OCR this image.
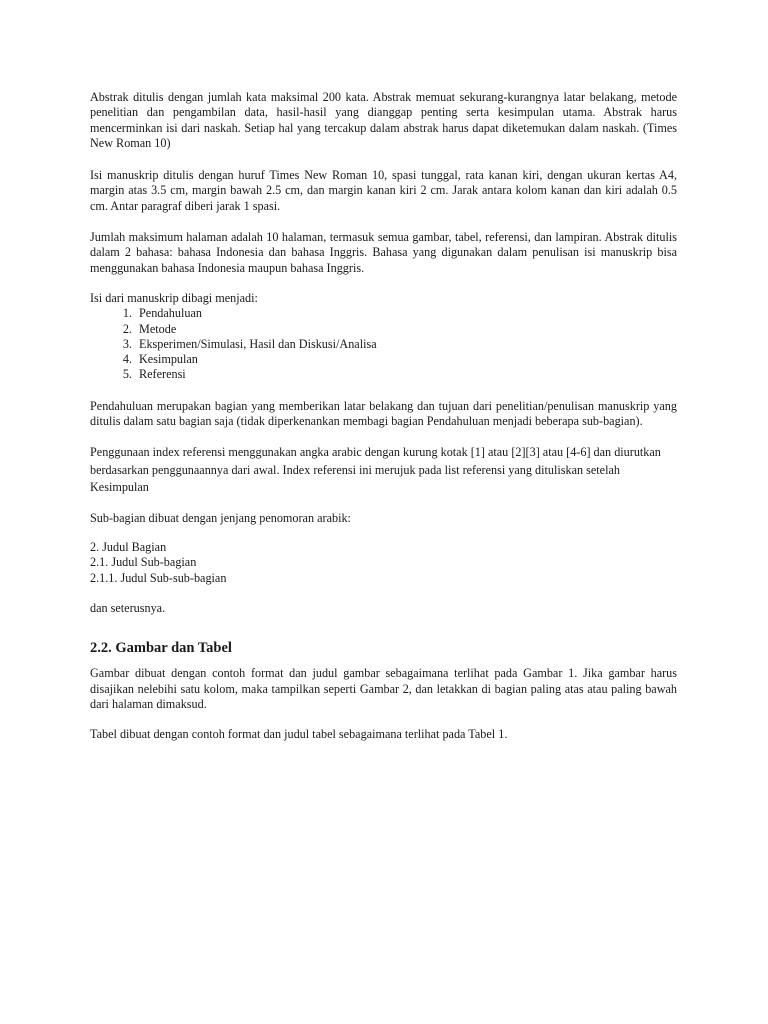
Abstrak ditulis dengan jumlah kata maksimal 200 kata. Abstrak memuat sekurang-kurangnya latar belakang, metode penelitian dan pengambilan data, hasil-hasil yang dianggap penting serta kesimpulan utama. Abstrak harus mencerminkan isi dari naskah. Setiap hal yang tercakup dalam abstrak harus dapat diketemukan dalam naskah. (Times New Roman 10)

Isi manuskrip ditulis dengan huruf Times New Roman 10, spasi tunggal, rata kanan kiri, dengan ukuran kertas A4, margin atas 3.5 cm, margin bawah 2.5 cm, dan margin kanan kiri 2 cm. Jarak antara kolom kanan dan kiri adalah 0.5 cm. Antar paragraf diberi jarak 1 spasi.

Jumlah maksimum halaman adalah 10 halaman, termasuk semua gambar, tabel, referensi, dan lampiran. Abstrak ditulis dalam 2 bahasa: bahasa Indonesia dan bahasa Inggris. Bahasa yang digunakan dalam penulisan isi manuskrip bisa menggunakan bahasa Indonesia maupun bahasa Inggris.

Isi dari manuskrip dibagi menjadi:

1. Pendahuluan
2. Metode
3. Eksperimen/Simulasi, Hasil dan Diskusi/Analisa
4. Kesimpulan
5. Referensi

Pendahuluan merupakan bagian yang memberikan latar belakang dan tujuan dari penelitian/penulisan manuskrip yang ditulis dalam satu bagian saja (tidak diperkenankan membagi bagian Pendahuluan menjadi beberapa sub-bagian).

Penggunaan index referensi menggunakan angka arabic dengan kurung kotak [1] atau [2][3] atau [4-6] dan diurutkan berdasarkan penggunaannya dari awal. Index referensi ini merujuk pada list referensi yang dituliskan setelah Kesimpulan

Sub-bagian dibuat dengan jenjang penomoran arabik:

2. Judul Bagian
2.1. Judul Sub-bagian
2.1.1. Judul Sub-sub-bagian

dan seterusnya.

2.2. Gambar dan Tabel

Gambar dibuat dengan contoh format dan judul gambar sebagaimana terlihat pada Gambar 1. Jika gambar harus disajikan nelebihi satu kolom, maka tampilkan seperti Gambar 2, dan letakkan di bagian paling atas atau paling bawah dari halaman dimaksud.

Tabel dibuat dengan contoh format dan judul tabel sebagaimana terlihat pada Tabel 1.
